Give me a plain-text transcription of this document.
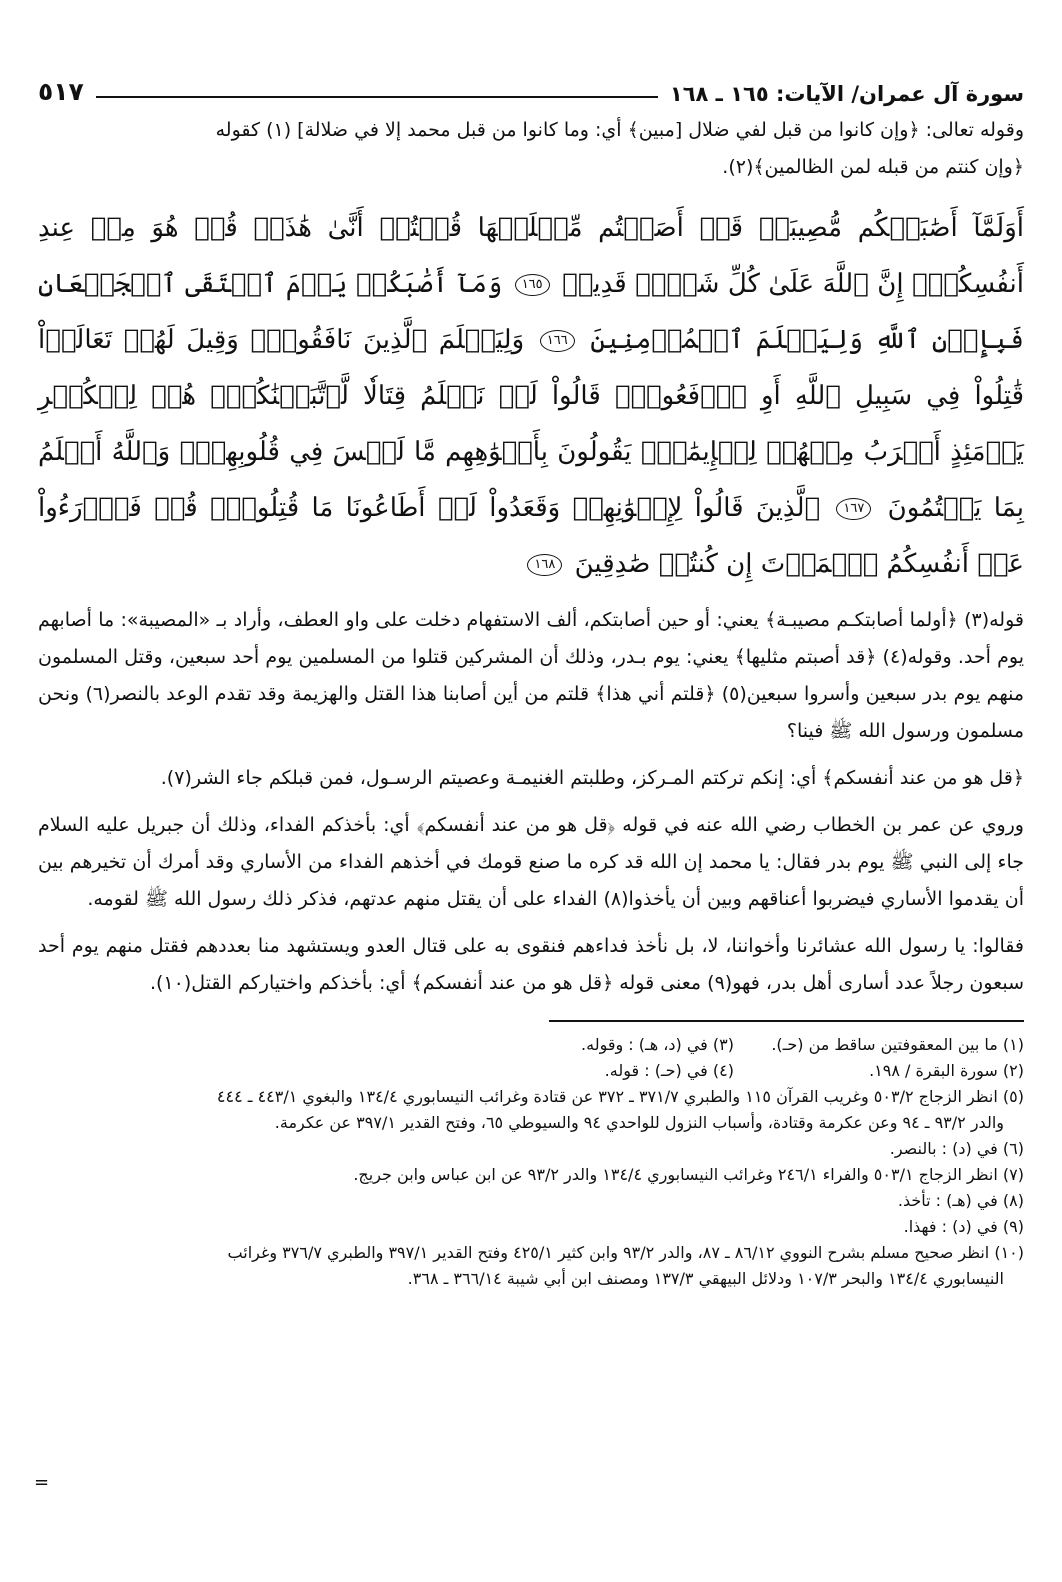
سورة آل عمران/ الآيات: ١٦٥ ـ ١٦٨
٥١٧

وقوله تعالى: ﴿وإن كانوا من قبل لفي ضلال [مبين﴾ أي: وما كانوا من قبل محمد إلا في ضلالة] (١) كقوله

﴿وإن كنتم من قبله لمن الظالمين﴾(٢).

أَوَلَمَّآ أَصَٰبَتۡكُم مُّصِيبَةٞ قَدۡ أَصَبۡتُم مِّثۡلَيۡهَا قُلۡتُمۡ أَنَّىٰ هَٰذَاۖ قُلۡ هُوَ مِنۡ عِندِ أَنفُسِكُمۡۗ إِنَّ ٱللَّهَ عَلَىٰ كُلِّ شَيۡءٖ قَدِيرٞ ١٦٥ وَمَآ أَصَٰبَكُمۡ يَوۡمَ ٱلۡتَقَى ٱلۡجَمۡعَانِ فَبِإِذۡنِ ٱللَّهِ وَلِيَعۡلَمَ ٱلۡمُؤۡمِنِينَ ١٦٦ وَلِيَعۡلَمَ ٱلَّذِينَ نَافَقُواْۚ وَقِيلَ لَهُمۡ تَعَالَوۡاْ قَٰتِلُواْ فِي سَبِيلِ ٱللَّهِ أَوِ ٱدۡفَعُواْۖ قَالُواْ لَوۡ نَعۡلَمُ قِتَالٗا لَّٱتَّبَعۡنَٰكُمۡۗ هُمۡ لِلۡكُفۡرِ يَوۡمَئِذٍ أَقۡرَبُ مِنۡهُمۡ لِلۡإِيمَٰنِۚ يَقُولُونَ بِأَفۡوَٰهِهِم مَّا لَيۡسَ فِي قُلُوبِهِمۡۚ وَٱللَّهُ أَعۡلَمُ بِمَا يَكۡتُمُونَ ١٦٧ ٱلَّذِينَ قَالُواْ لِإِخۡوَٰنِهِمۡ وَقَعَدُواْ لَوۡ أَطَاعُونَا مَا قُتِلُواْۗ قُلۡ فَٱدۡرَءُواْ عَنۡ أَنفُسِكُمُ ٱلۡمَوۡتَ إِن كُنتُمۡ صَٰدِقِينَ ١٦٨

قوله(٣) ﴿أولما أصابتكـم مصيبـة﴾ يعني: أو حين أصابتكم، ألف الاستفهام دخلت على واو العطف، وأراد بـ «المصيبة»: ما أصابهم يوم أحد. وقوله(٤) ﴿قد أصبتم مثليها﴾ يعني: يوم بـدر، وذلك أن المشركين قتلوا من المسلمين يوم أحد سبعين، وقتل المسلمون منهم يوم بدر سبعين وأسروا سبعين(٥) ﴿قلتم أني هذا﴾ قلتم من أين أصابنا هذا القتل والهزيمة وقد تقدم الوعد بالنصر(٦) ونحن مسلمون ورسول الله ﷺ فينا؟

﴿قل هو من عند أنفسكم﴾ أي: إنكم تركتم المـركز، وطلبتم الغنيمـة وعصيتم الرسـول، فمن قبلكم جاء الشر(٧).

وروي عن عمر بن الخطاب رضي الله عنه في قوله ﴿قل هو من عند أنفسكم﴾ أي: بأخذكم الفداء، وذلك أن جبريل عليه السلام جاء إلى النبي ﷺ يوم بدر فقال: يا محمد إن الله قد كره ما صنع قومك في أخذهم الفداء من الأساري وقد أمرك أن تخيرهم بين أن يقدموا الأساري فيضربوا أعناقهم وبين أن يأخذوا(٨) الفداء على أن يقتل منهم عدتهم، فذكر ذلك رسول الله ﷺ لقومه.

فقالوا: يا رسول الله عشائرنا وأخواننا، لا، بل نأخذ فداءهم فنقوى به على قتال العدو ويستشهد منا بعددهم فقتل منهم يوم أحد سبعون رجلاً عدد أسارى أهل بدر، فهو(٩) معنى قوله ﴿قل هو من عند أنفسكم﴾ أي: بأخذكم واختياركم القتل(١٠).

(١) ما بين المعقوفتين ساقط من (حـ).
(٣) في (د، هـ) : وقوله.
(٢) سورة البقرة / ١٩٨.
(٤) في (حـ) : قوله.

(٥) انظر الزجاج ٥٠٣/٢ وغريب القرآن ١١٥ والطبري ٣٧١/٧ ـ ٣٧٢ عن قتادة وغرائب النيسابوري ١٣٤/٤ والبغوي ٤٤٣/١ ـ ٤٤٤

والدر ٩٣/٢ ـ ٩٤ وعن عكرمة وقتادة، وأسباب النزول للواحدي ٩٤ والسيوطي ٦٥، وفتح القدير ٣٩٧/١ عن عكرمة.

(٦) في (د) : بالنصر.

(٧) انظر الزجاج ٥٠٣/١ والفراء ٢٤٦/١ وغرائب النيسابوري ١٣٤/٤ والدر ٩٣/٢ عن ابن عباس وابن جريج.

(٨) في (هـ) : تأخذ.

(٩) في (د) : فهذا.

(١٠) انظر صحيح مسلم بشرح النووي ٨٦/١٢ ـ ٨٧، والدر ٩٣/٢ وابن كثير ٤٢٥/١ وفتح القدير ٣٩٧/١ والطبري ٣٧٦/٧ وغرائب

النيسابوري ١٣٤/٤ والبحر ١٠٧/٣ ودلائل البيهقي ١٣٧/٣ ومصنف ابن أبي شيبة ٣٦٦/١٤ ـ ٣٦٨.

=
